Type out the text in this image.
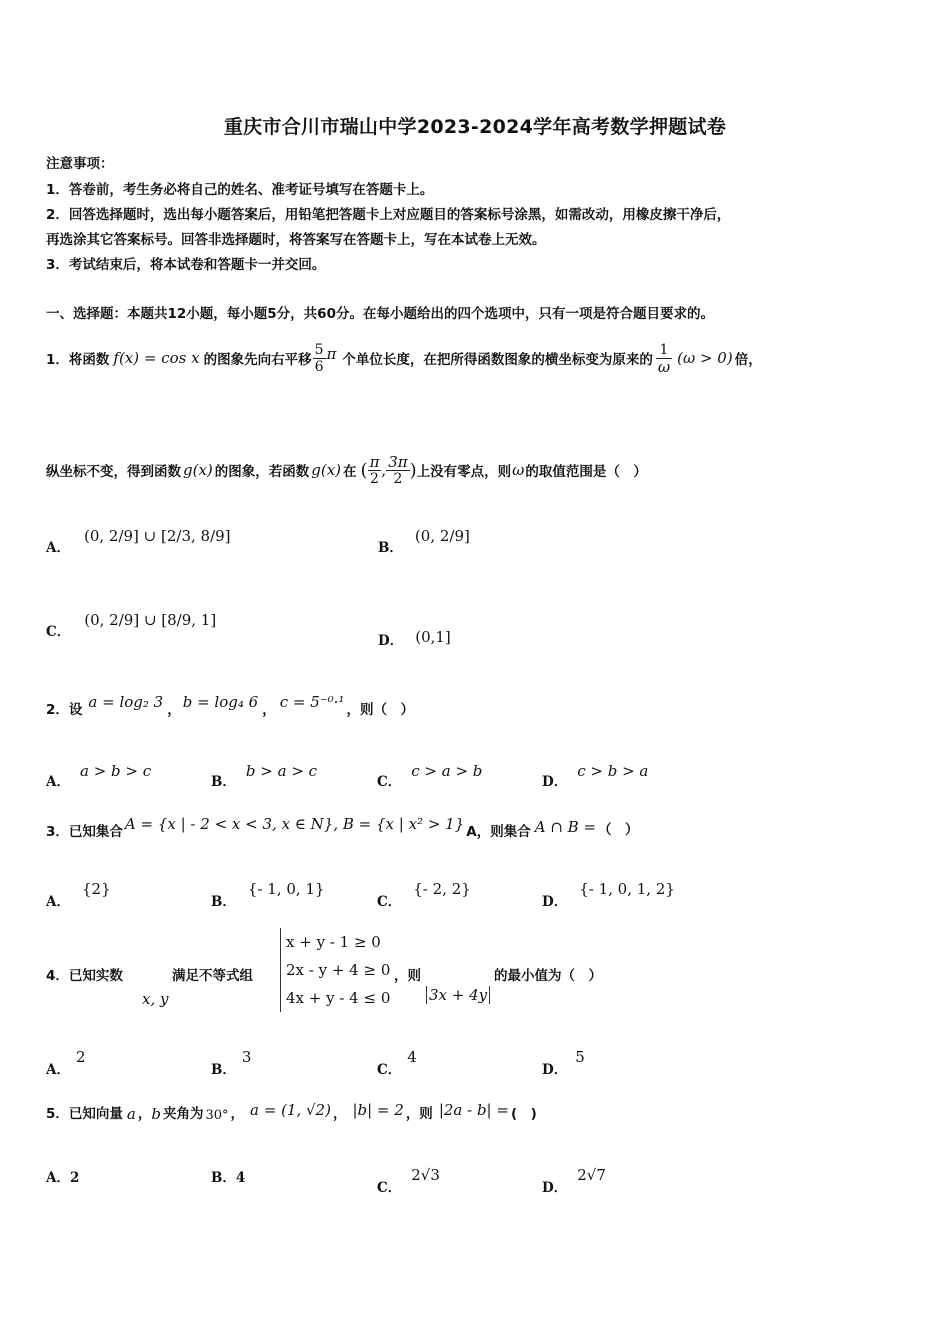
重庆市合川市瑞山中学2023-2024学年高考数学押题试卷
注意事项：
1．答卷前，考生务必将自己的姓名、准考证号填写在答题卡上。
2．回答选择题时，选出每小题答案后，用铅笔把答题卡上对应题目的答案标号涂黑，如需改动，用橡皮擦干净后，
再选涂其它答案标号。回答非选择题时，将答案写在答题卡上，写在本试卷上无效。
3．考试结束后，将本试卷和答题卡一并交回。
一、选择题：本题共12小题，每小题5分，共60分。在每小题给出的四个选项中，只有一项是符合题目要求的。
1．将函数 f(x) = cos x 的图象先向右平移 $\frac{5}{6}$ π 个单位长度，在把所得函数图象的横坐标变为原来的 $\frac{1}{\omega} (\omega > 0)$ 倍，
纵坐标不变，得到函数 g(x) 的图象，若函数 g(x) 在 ( $\frac{\pi}{2}$ , $\frac{3\pi}{2}$ ) 上没有零点，则 ω 的取值范围是（　）
A．
(0, 2/9] ∪ [2/3, 8/9]
B．
(0, 2/9]
C．
(0, 2/9] ∪ [8/9, 1]
D． (0,1]
2．设 a = log₂ 3 ， b = log₄ 6 ， c = 5⁻⁰·¹ ，则（　）
A．
a > b > c
B．
b > a > c
C．
c > a > b
D．
c > b > a
3．已知集合 A = {x | - 2 < x < 3, x ∈ N}, B = {x | x² > 1} A，则集合 A ∩ B = （　）
A．
{2}
B．
{- 1, 0, 1}
C．
{- 2, 2}
D．
{- 1, 0, 1, 2}
4．已知实数
x, y
满足不等式组
x + y - 1 ≥ 0
2x - y + 4 ≥ 0
4x + y - 4 ≤ 0
，则
3x + 4y
的最小值为（　）
A．
2
B．
3
C．
4
D．
5
5．已知向量 a ， b 夹角为 30° ， a = (1, √2) ， |b| = 2 ，则 |2a - b| = (　)
A．2	B．4
C．
2√3
D．
2√7
